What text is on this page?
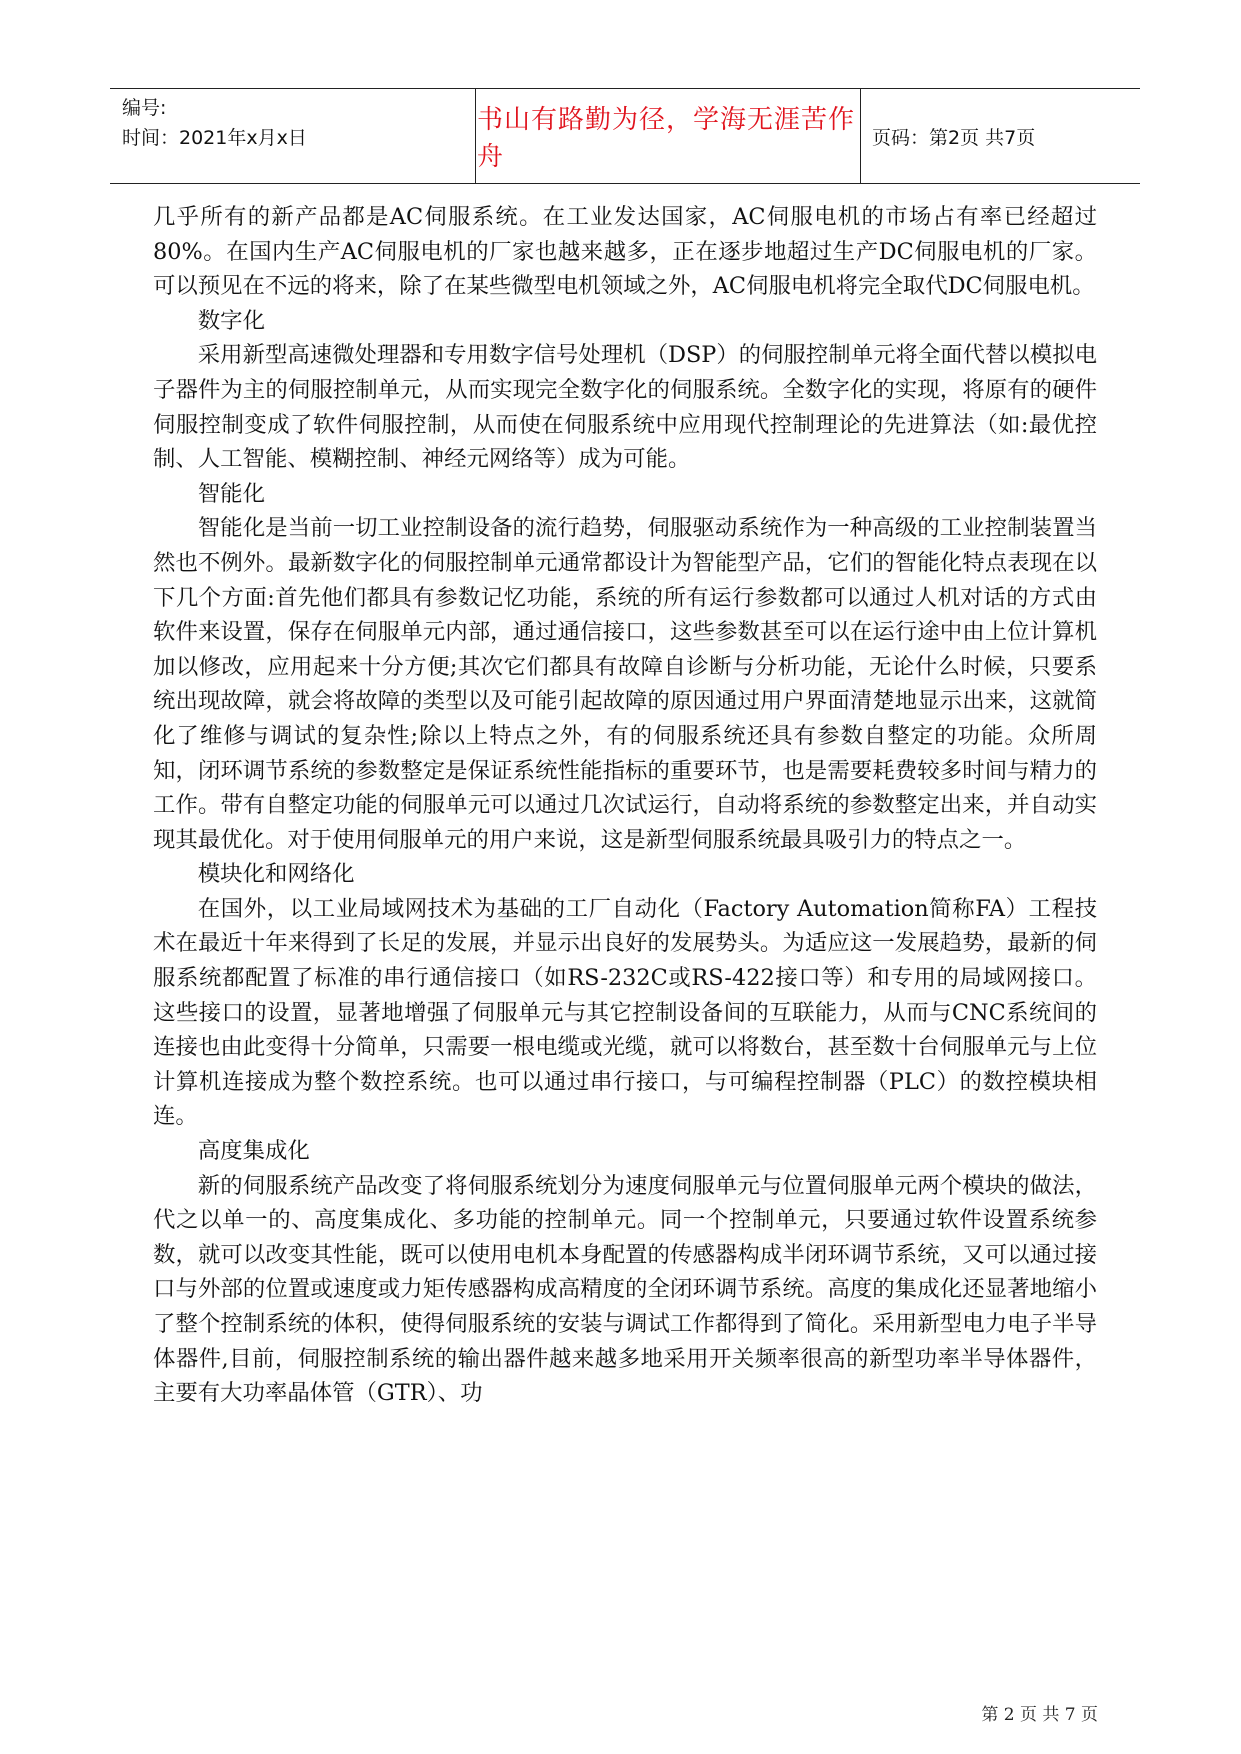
编号:
时间：2021年x月x日
书山有路勤为径，学海无涯苦作舟
页码：第2页 共7页

几乎所有的新产品都是AC伺服系统。在工业发达国家，AC伺服电机的市场占有率已经超过80%。在国内生产AC伺服电机的厂家也越来越多，正在逐步地超过生产DC伺服电机的厂家。可以预见在不远的将来，除了在某些微型电机领域之外，AC伺服电机将完全取代DC伺服电机。

数字化

采用新型高速微处理器和专用数字信号处理机（DSP）的伺服控制单元将全面代替以模拟电子器件为主的伺服控制单元，从而实现完全数字化的伺服系统。全数字化的实现，将原有的硬件伺服控制变成了软件伺服控制，从而使在伺服系统中应用现代控制理论的先进算法（如:最优控制、人工智能、模糊控制、神经元网络等）成为可能。

智能化

智能化是当前一切工业控制设备的流行趋势，伺服驱动系统作为一种高级的工业控制装置当然也不例外。最新数字化的伺服控制单元通常都设计为智能型产品，它们的智能化特点表现在以下几个方面:首先他们都具有参数记忆功能，系统的所有运行参数都可以通过人机对话的方式由软件来设置，保存在伺服单元内部，通过通信接口，这些参数甚至可以在运行途中由上位计算机加以修改，应用起来十分方便;其次它们都具有故障自诊断与分析功能，无论什么时候，只要系统出现故障，就会将故障的类型以及可能引起故障的原因通过用户界面清楚地显示出来，这就简化了维修与调试的复杂性;除以上特点之外，有的伺服系统还具有参数自整定的功能。众所周知，闭环调节系统的参数整定是保证系统性能指标的重要环节，也是需要耗费较多时间与精力的工作。带有自整定功能的伺服单元可以通过几次试运行，自动将系统的参数整定出来，并自动实现其最优化。对于使用伺服单元的用户来说，这是新型伺服系统最具吸引力的特点之一。

模块化和网络化

在国外，以工业局域网技术为基础的工厂自动化（Factory Automation简称FA）工程技术在最近十年来得到了长足的发展，并显示出良好的发展势头。为适应这一发展趋势，最新的伺服系统都配置了标准的串行通信接口（如RS-232C或RS-422接口等）和专用的局域网接口。这些接口的设置，显著地增强了伺服单元与其它控制设备间的互联能力，从而与CNC系统间的连接也由此变得十分简单，只需要一根电缆或光缆，就可以将数台，甚至数十台伺服单元与上位计算机连接成为整个数控系统。也可以通过串行接口，与可编程控制器（PLC）的数控模块相连。

高度集成化

新的伺服系统产品改变了将伺服系统划分为速度伺服单元与位置伺服单元两个模块的做法，代之以单一的、高度集成化、多功能的控制单元。同一个控制单元，只要通过软件设置系统参数，就可以改变其性能，既可以使用电机本身配置的传感器构成半闭环调节系统，又可以通过接口与外部的位置或速度或力矩传感器构成高精度的全闭环调节系统。高度的集成化还显著地缩小了整个控制系统的体积，使得伺服系统的安装与调试工作都得到了简化。采用新型电力电子半导体器件,目前，伺服控制系统的输出器件越来越多地采用开关频率很高的新型功率半导体器件，主要有大功率晶体管（GTR）、功

第 2 页 共 7 页
